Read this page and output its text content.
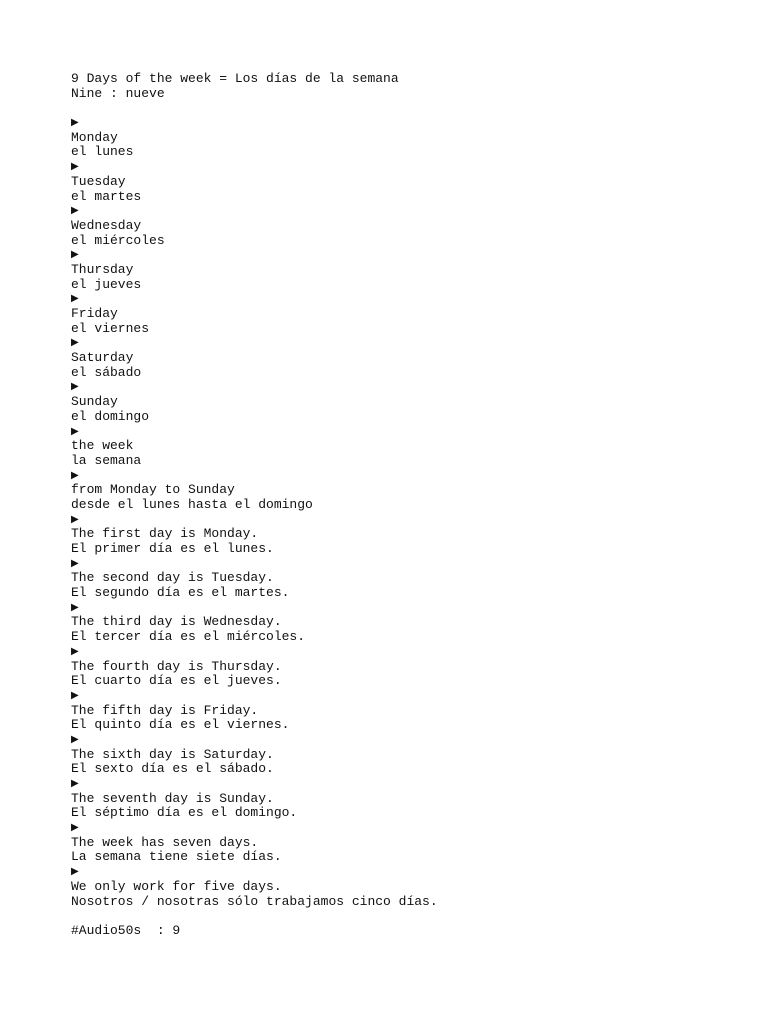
9 Days of the week = Los días de la semana
Nine : nueve
▶
Monday
el lunes
▶
Tuesday
el martes
▶
Wednesday
el miércoles
▶
Thursday
el jueves
▶
Friday
el viernes
▶
Saturday
el sábado
▶
Sunday
el domingo
▶
the week
la semana
▶
from Monday to Sunday
desde el lunes hasta el domingo
▶
The first day is Monday.
El primer día es el lunes.
▶
The second day is Tuesday.
El segundo día es el martes.
▶
The third day is Wednesday.
El tercer día es el miércoles.
▶
The fourth day is Thursday.
El cuarto día es el jueves.
▶
The fifth day is Friday.
El quinto día es el viernes.
▶
The sixth day is Saturday.
El sexto día es el sábado.
▶
The seventh day is Sunday.
El séptimo día es el domingo.
▶
The week has seven days.
La semana tiene siete días.
▶
We only work for five days.
Nosotros / nosotras sólo trabajamos cinco días.
#Audio50s  : 9
